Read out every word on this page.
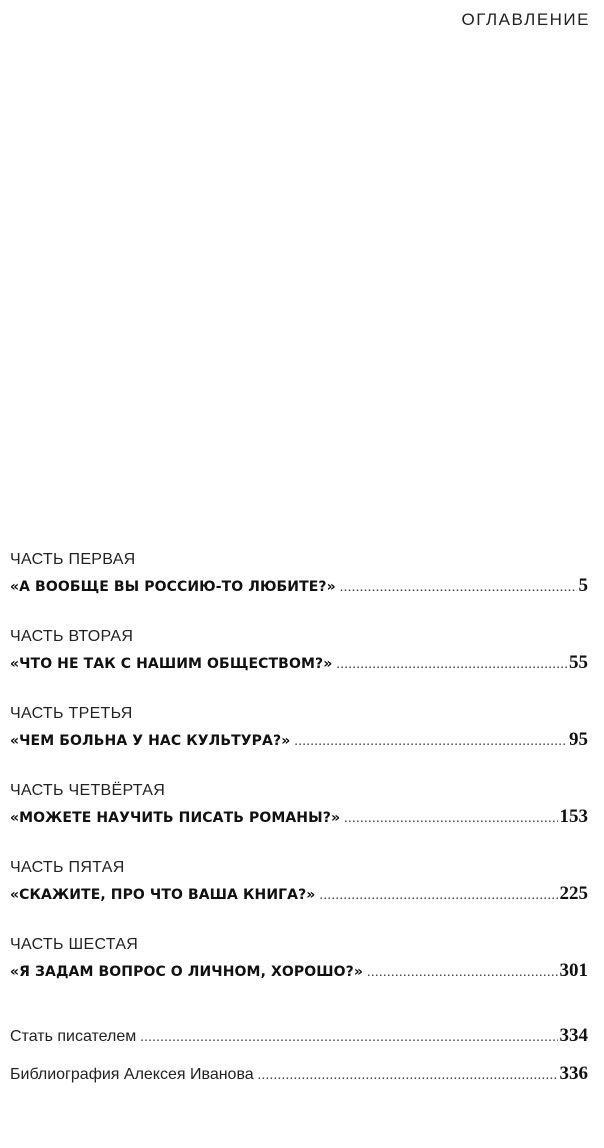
ОГЛАВЛЕНИЕ
ЧАСТЬ ПЕРВАЯ
«А ВООБЩЕ ВЫ РОССИЮ-ТО ЛЮБИТЕ?» .....	5
ЧАСТЬ ВТОРАЯ
«ЧТО НЕ ТАК С НАШИМ ОБЩЕСТВОМ?» .....	55
ЧАСТЬ ТРЕТЬЯ
«ЧЕМ БОЛЬНА У НАС КУЛЬТУРА?» .....	95
ЧАСТЬ ЧЕТВЁРТАЯ
«МОЖЕТЕ НАУЧИТЬ ПИСАТЬ РОМАНЫ?» .....	153
ЧАСТЬ ПЯТАЯ
«СКАЖИТЕ, ПРО ЧТО ВАША КНИГА?» .....	225
ЧАСТЬ ШЕСТАЯ
«Я ЗАДАМ ВОПРОС О ЛИЧНОМ, ХОРОШО?» .....	301
Стать писателем .....	334
Библиография Алексея Иванова .....	336
